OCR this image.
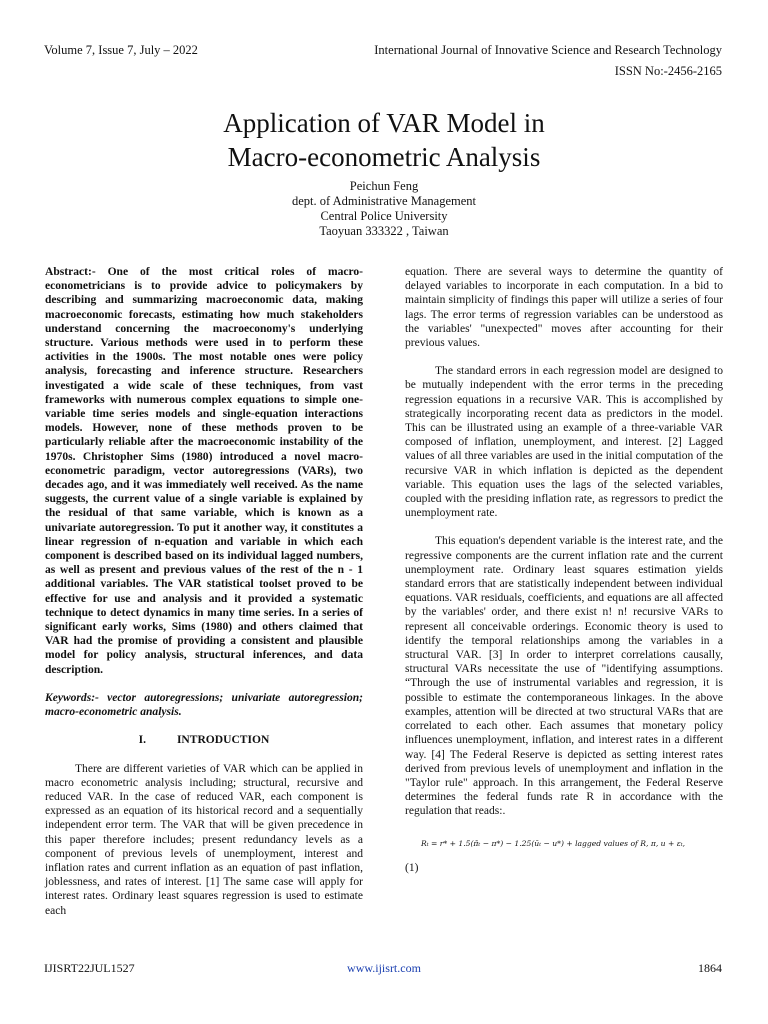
Volume 7, Issue 7, July – 2022	International Journal of Innovative Science and Research Technology
ISSN No:-2456-2165
Application of VAR Model in
Macro-econometric Analysis
Peichun Feng
dept. of Administrative Management
Central Police University
Taoyuan 333322 , Taiwan

Abstract:- One of the most critical roles of macro-econometricians is to provide advice to policymakers by describing and summarizing macroeconomic data, making macroeconomic forecasts, estimating how much stakeholders understand concerning the macroeconomy's underlying structure. Various methods were used in to perform these activities in the 1900s. The most notable ones were policy analysis, forecasting and inference structure. Researchers investigated a wide scale of these techniques, from vast frameworks with numerous complex equations to simple one-variable time series models and single-equation interactions models. However, none of these methods proven to be particularly reliable after the macroeconomic instability of the 1970s. Christopher Sims (1980) introduced a novel macro-econometric paradigm, vector autoregressions (VARs), two decades ago, and it was immediately well received. As the name suggests, the current value of a single variable is explained by the residual of that same variable, which is known as a univariate autoregression. To put it another way, it constitutes a linear regression of n-equation and variable in which each component is described based on its individual lagged numbers, as well as present and previous values of the rest of the n - 1 additional variables. The VAR statistical toolset proved to be effective for use and analysis and it provided a systematic technique to detect dynamics in many time series. In a series of significant early works, Sims (1980) and others claimed that VAR had the promise of providing a consistent and plausible model for policy analysis, structural inferences, and data description.

Keywords:- vector autoregressions; univariate autoregression; macro-econometric analysis.

I.	INTRODUCTION

There are different varieties of VAR which can be applied in macro econometric analysis including; structural, recursive and reduced VAR. In the case of reduced VAR, each component is expressed as an equation of its historical record and a sequentially independent error term. The VAR that will be given precedence in this paper therefore includes; present redundancy levels as a component of previous levels of unemployment, interest and inflation rates and current inflation as an equation of past inflation, joblessness, and rates of interest. [1] The same case will apply for interest rates. Ordinary least squares regression is used to estimate each

equation. There are several ways to determine the quantity of delayed variables to incorporate in each computation. In a bid to maintain simplicity of findings this paper will utilize a series of four lags. The error terms of regression variables can be understood as the variables' "unexpected" moves after accounting for their previous values.

The standard errors in each regression model are designed to be mutually independent with the error terms in the preceding regression equations in a recursive VAR. This is accomplished by strategically incorporating recent data as predictors in the model. This can be illustrated using an example of a three-variable VAR composed of inflation, unemployment, and interest. [2] Lagged values of all three variables are used in the initial computation of the recursive VAR in which inflation is depicted as the dependent variable. This equation uses the lags of the selected variables, coupled with the presiding inflation rate, as regressors to predict the unemployment rate.

This equation's dependent variable is the interest rate, and the regressive components are the current inflation rate and the current unemployment rate. Ordinary least squares estimation yields standard errors that are statistically independent between individual equations. VAR residuals, coefficients, and equations are all affected by the variables' order, and there exist n! n! recursive VARs to represent all conceivable orderings. Economic theory is used to identify the temporal relationships among the variables in a structural VAR. [3] In order to interpret correlations causally, structural VARs necessitate the use of "identifying assumptions. “Through the use of instrumental variables and regression, it is possible to estimate the contemporaneous linkages. In the above examples, attention will be directed at two structural VARs that are correlated to each other. Each assumes that monetary policy influences unemployment, inflation, and interest rates in a different way. [4] The Federal Reserve is depicted as setting interest rates derived from previous levels of unemployment and inflation in the "Taylor rule" approach. In this arrangement, the Federal Reserve determines the federal funds rate R in accordance with the regulation that reads:.

Rₜ = r* + 1.5(π̄ₜ − π*) − 1.25(ūₜ − u*) + lagged values of R, π, u + εₜ,
(1)
IJISRT22JUL1527	www.ijisrt.com	1864
